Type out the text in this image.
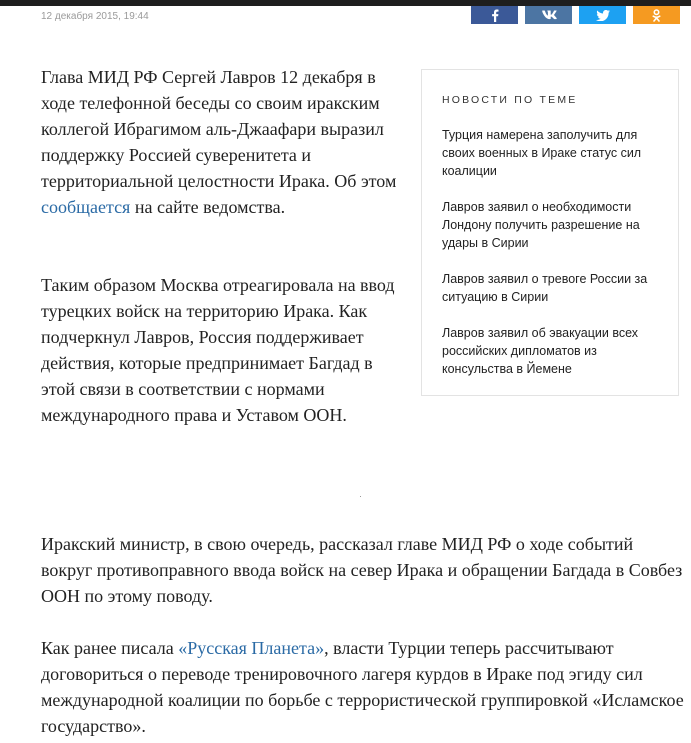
12 декабря 2015, 19:44

Глава МИД РФ Сергей Лавров 12 декабря в ходе телефонной беседы со своим иракским коллегой Ибрагимом аль-Джаафари выразил поддержку Россией суверенитета и территориальной целостности Ирака. Об этом сообщается на сайте ведомства.

Таким образом Москва отреагировала на ввод турецких войск на территорию Ирака. Как подчеркнул Лавров, Россия поддерживает действия, которые предпринимает Багдад в этой связи в соответствии с нормами международного права и Уставом ООН.

Иракский министр, в свою очередь, рассказал главе МИД РФ о ходе событий вокруг противоправного ввода войск на север Ирака и обращении Багдада в Совбез ООН по этому поводу.

Как ранее писала «Русская Планета», власти Турции теперь рассчитывают договориться о переводе тренировочного лагеря курдов в Ираке под эгиду сил международной коалиции по борьбе с террористической группировкой «Исламское государство».

НОВОСТИ ПО ТЕМЕ
Турция намерена заполучить для своих военных в Ираке статус сил коалиции
Лавров заявил о необходимости Лондону получить разрешение на удары в Сирии
Лавров заявил о тревоге России за ситуацию в Сирии
Лавров заявил об эвакуации всех российских дипломатов из консульства в Йемене
